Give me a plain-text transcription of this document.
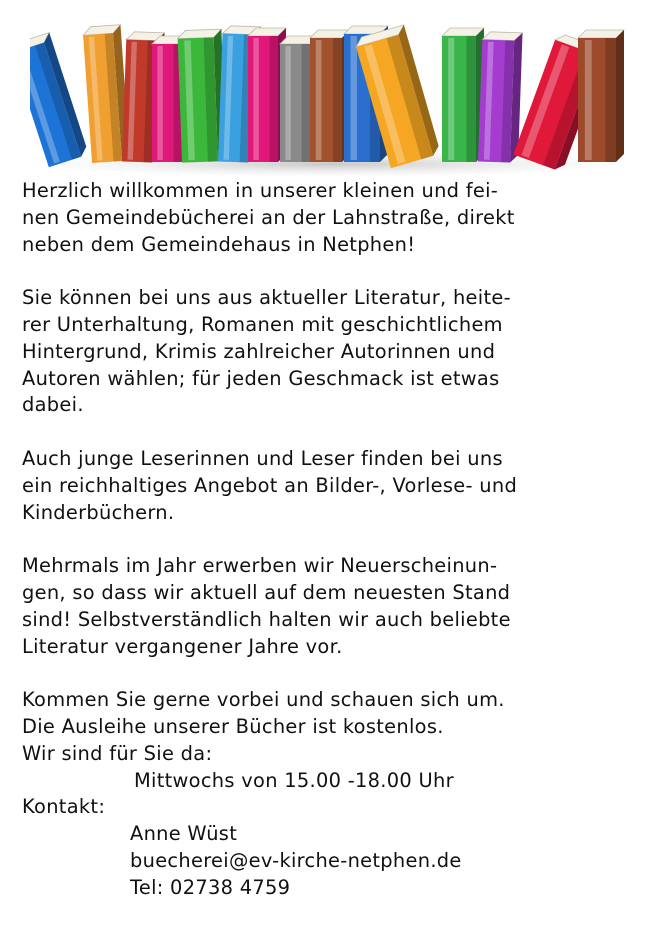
Herzlich willkommen in unserer kleinen und fei-
nen Gemeindebücherei an der Lahnstraße, direkt
neben dem Gemeindehaus in Netphen!
Sie können bei uns aus aktueller Literatur, heite-
rer Unterhaltung, Romanen mit geschichtlichem
Hintergrund, Krimis zahlreicher Autorinnen und
Autoren wählen; für jeden Geschmack ist etwas
dabei.
Auch junge Leserinnen und Leser finden bei uns
ein reichhaltiges Angebot an Bilder-, Vorlese- und
Kinderbüchern.
Mehrmals im Jahr erwerben wir Neuerscheinun-
gen, so dass wir aktuell auf dem neuesten Stand
sind! Selbstverständlich halten wir auch beliebte
Literatur vergangener Jahre vor.
Kommen Sie gerne vorbei und schauen sich um.
Die Ausleihe unserer Bücher ist kostenlos.
Wir sind für Sie da:
Mittwochs von 15.00 -18.00 Uhr
Kontakt:
Anne Wüst
buecherei@ev-kirche-netphen.de
Tel: 02738 4759
